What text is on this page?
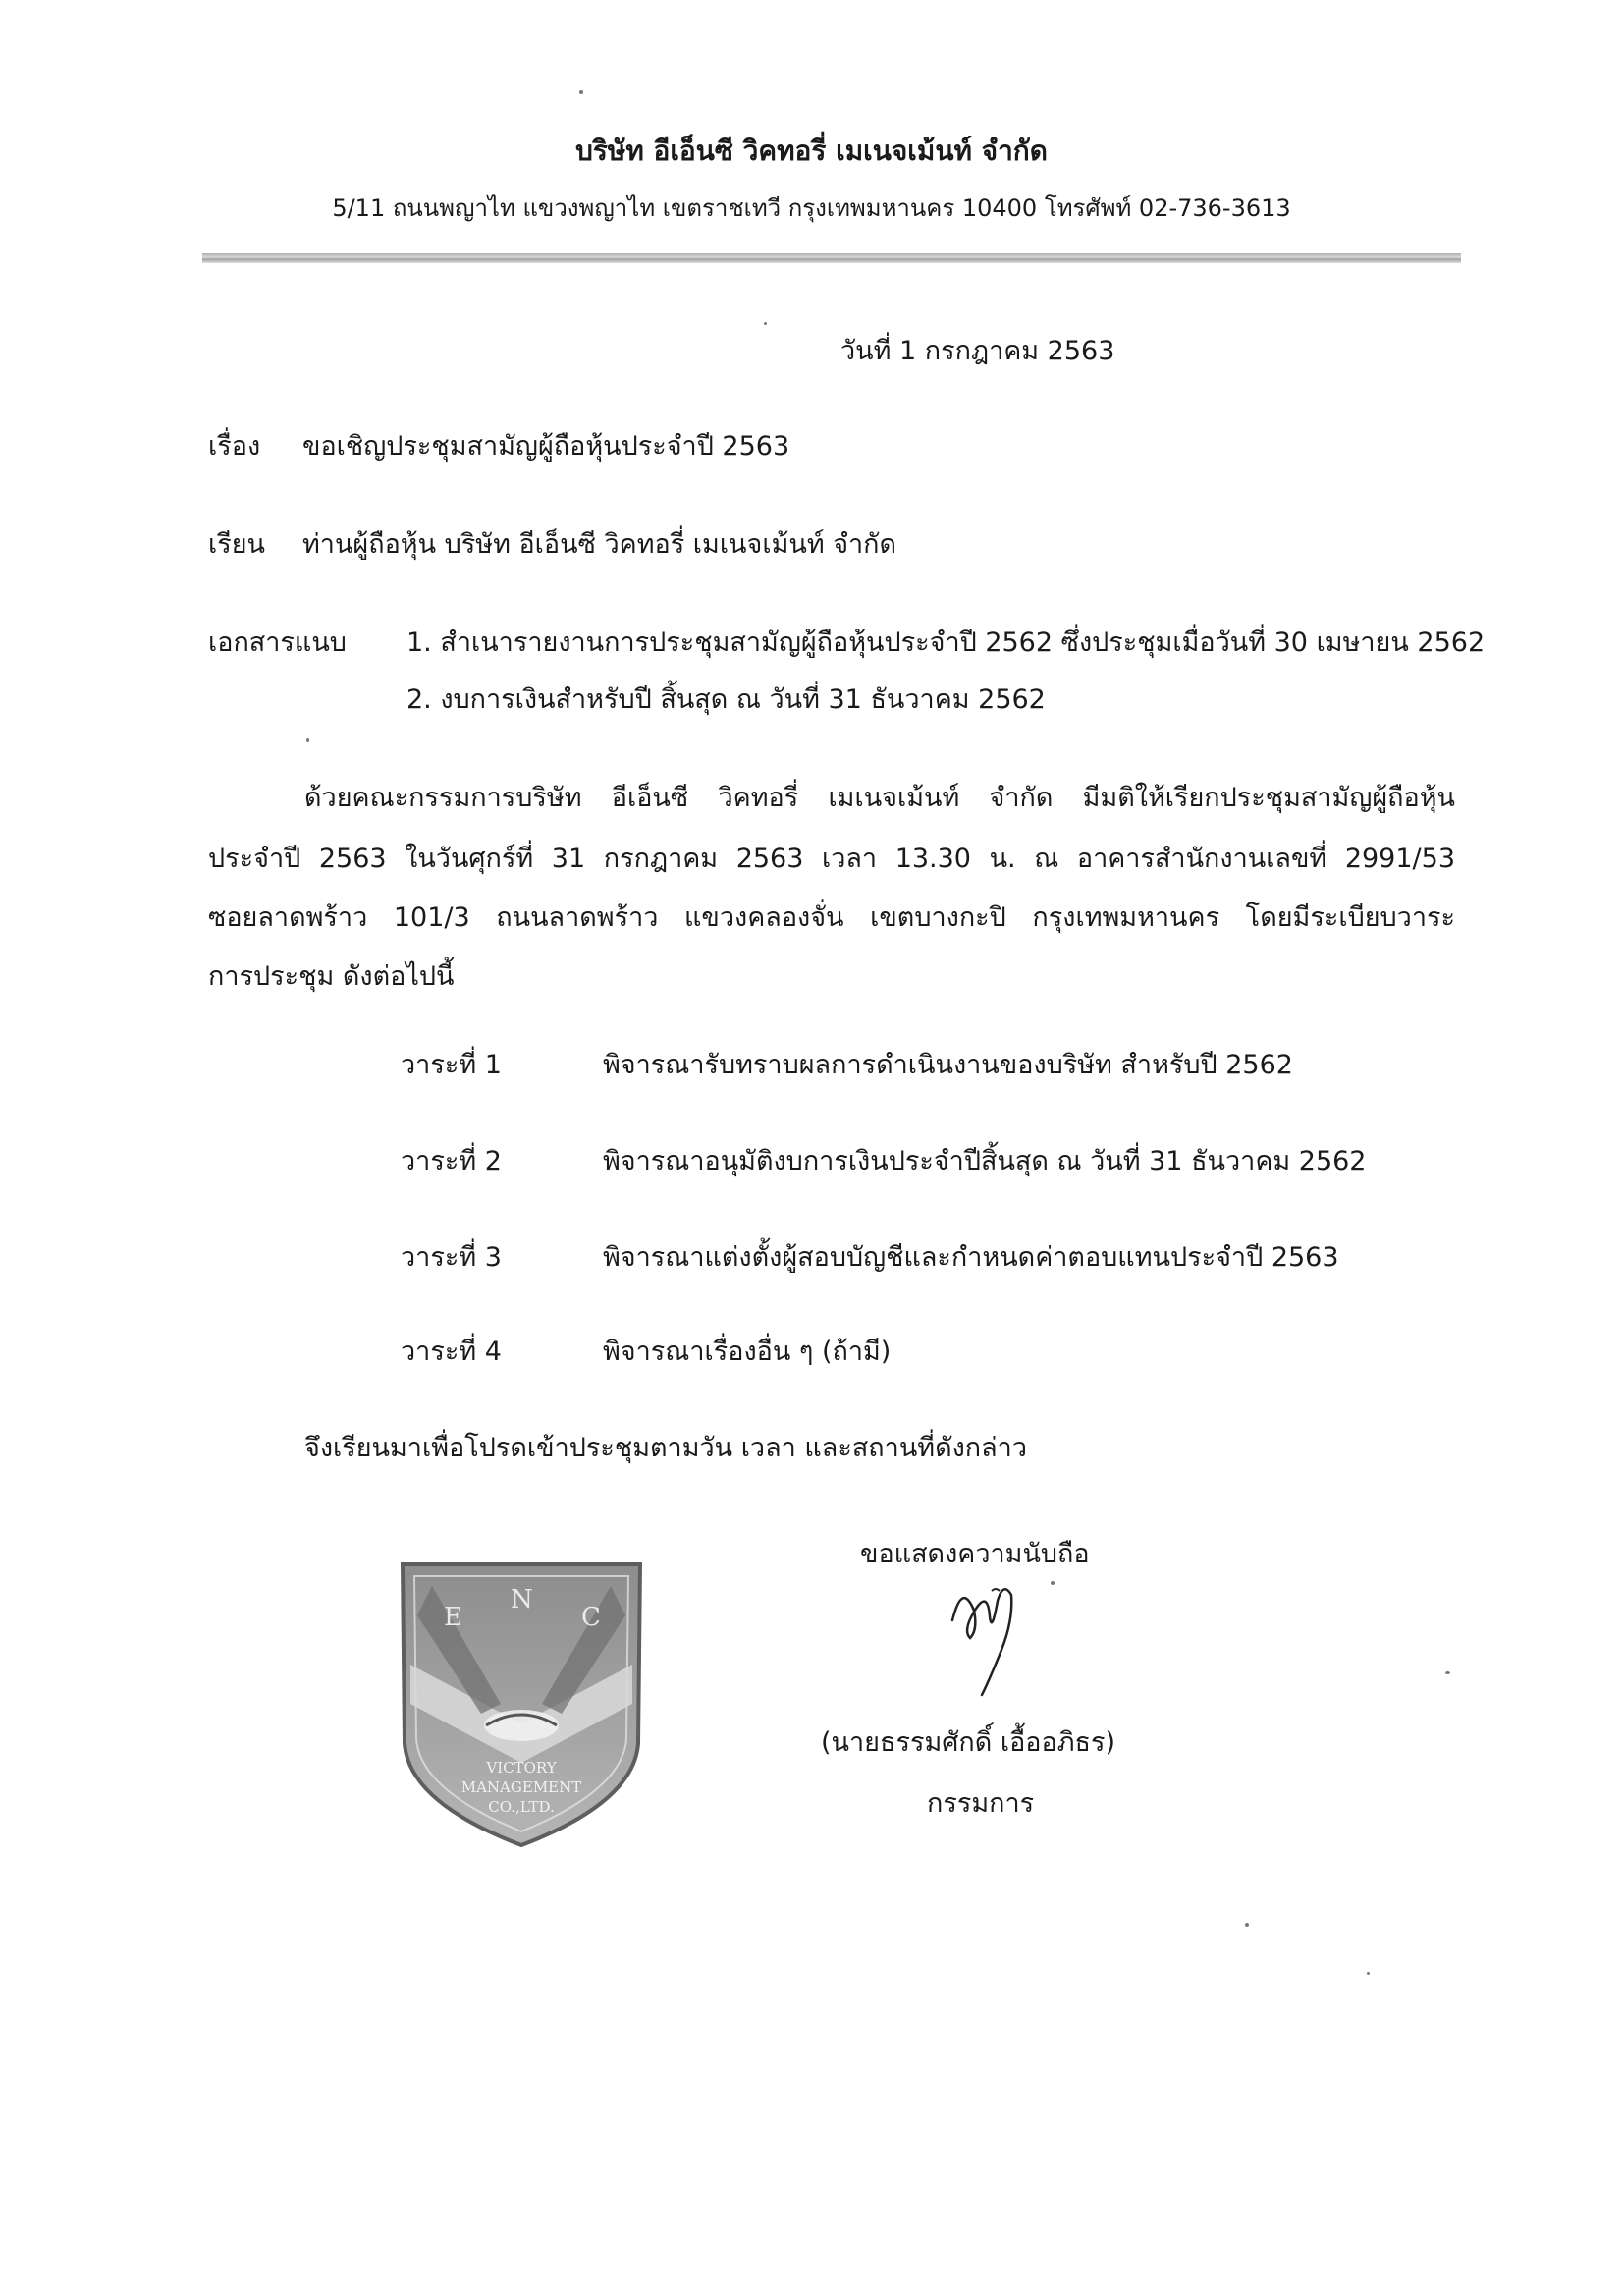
บริษัท อีเอ็นซี วิคทอรี่ เมเนจเม้นท์ จำกัด
5/11 ถนนพญาไท แขวงพญาไท เขตราชเทวี กรุงเทพมหานคร 10400 โทรศัพท์ 02-736-3613
วันที่ 1 กรกฎาคม 2563
เรื่อง ขอเชิญประชุมสามัญผู้ถือหุ้นประจำปี 2563
เรียน ท่านผู้ถือหุ้น บริษัท อีเอ็นซี วิคทอรี่ เมเนจเม้นท์ จำกัด
เอกสารแนบ 1. สำเนารายงานการประชุมสามัญผู้ถือหุ้นประจำปี 2562 ซึ่งประชุมเมื่อวันที่ 30 เมษายน 2562
2. งบการเงินสำหรับปี สิ้นสุด ณ วันที่ 31 ธันวาคม 2562
ด้วยคณะกรรมการบริษัท อีเอ็นซี วิคทอรี่ เมเนจเม้นท์ จำกัด มีมติให้เรียกประชุมสามัญผู้ถือหุ้น
ประจำปี 2563 ในวันศุกร์ที่ 31 กรกฎาคม 2563 เวลา 13.30 น. ณ อาคารสำนักงานเลขที่ 2991/53
ซอยลาดพร้าว 101/3 ถนนลาดพร้าว แขวงคลองจั่น เขตบางกะปิ กรุงเทพมหานคร โดยมีระเบียบวาระ
การประชุม ดังต่อไปนี้
วาระที่ 1	พิจารณารับทราบผลการดำเนินงานของบริษัท สำหรับปี 2562
วาระที่ 2	พิจารณาอนุมัติงบการเงินประจำปีสิ้นสุด ณ วันที่ 31 ธันวาคม 2562
วาระที่ 3	พิจารณาแต่งตั้งผู้สอบบัญชีและกำหนดค่าตอบแทนประจำปี 2563
วาระที่ 4	พิจารณาเรื่องอื่น ๆ (ถ้ามี)
จึงเรียนมาเพื่อโปรดเข้าประชุมตามวัน เวลา และสถานที่ดังกล่าว
E
N
C
VICTORY
MANAGEMENT
CO.,LTD.
ขอแสดงความนับถือ
(นายธรรมศักดิ์ เอื้ออภิธร)
กรรมการ
